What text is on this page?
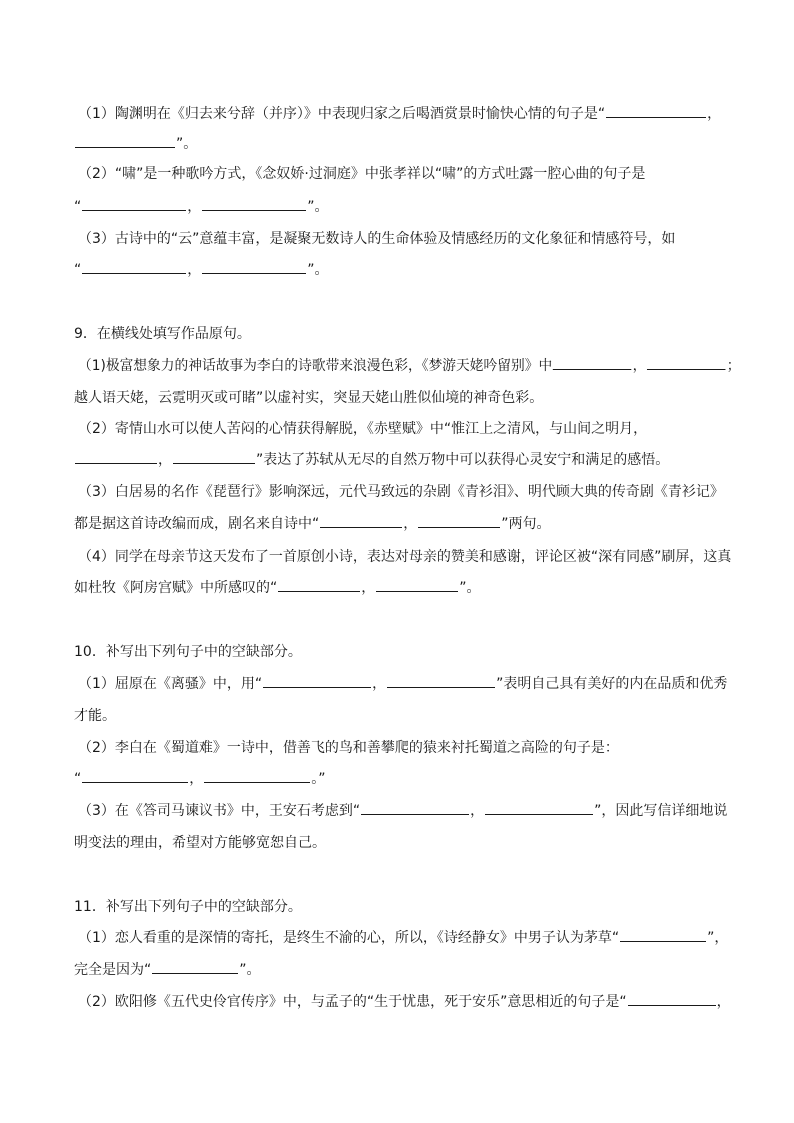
（1）陶渊明在《归去来兮辞（并序）》中表现归家之后喝酒赏景时愉快心情的句子是“	，
”。
（2）“啸”是一种歌吟方式，《念奴娇·过洞庭》中张孝祥以“啸”的方式吐露一腔心曲的句子是
“	，	”。
（3）古诗中的“云”意蕴丰富，是凝聚无数诗人的生命体验及情感经历的文化象征和情感符号，如
“	，	”。
9．在横线处填写作品原句。
（1)极富想象力的神话故事为李白的诗歌带来浪漫色彩，《梦游天姥吟留别》中	，	；
越人语天姥，云霓明灭或可睹”以虚衬实，突显天姥山胜似仙境的神奇色彩。
（2）寄情山水可以使人苦闷的心情获得解脱，《赤壁赋》中“惟江上之清风，与山间之明月，
，	”表达了苏轼从无尽的自然万物中可以获得心灵安宁和满足的感悟。
（3）白居易的名作《琵琶行》影响深远，元代马致远的杂剧《青衫泪》、明代顾大典的传奇剧《青衫记》
都是据这首诗改编而成，剧名来自诗中“	，	”两句。
（4）同学在母亲节这天发布了一首原创小诗，表达对母亲的赞美和感谢，评论区被“深有同感”刷屏，这真
如杜牧《阿房宫赋》中所感叹的“	，	”。
10．补写出下列句子中的空缺部分。
（1）屈原在《离骚》中，用“	，	”表明自己具有美好的内在品质和优秀
才能。
（2）李白在《蜀道难》一诗中，借善飞的鸟和善攀爬的猿来衬托蜀道之高险的句子是：
“	，	。”
（3）在《答司马谏议书》中，王安石考虑到“	，	”，因此写信详细地说
明变法的理由，希望对方能够宽恕自己。
11．补写出下列句子中的空缺部分。
（1）恋人看重的是深情的寄托，是终生不渝的心，所以，《诗经静女》中男子认为茅草“	”，
完全是因为“	”。
（2）欧阳修《五代史伶官传序》中，与孟子的“生于忧患，死于安乐”意思相近的句子是“	，
